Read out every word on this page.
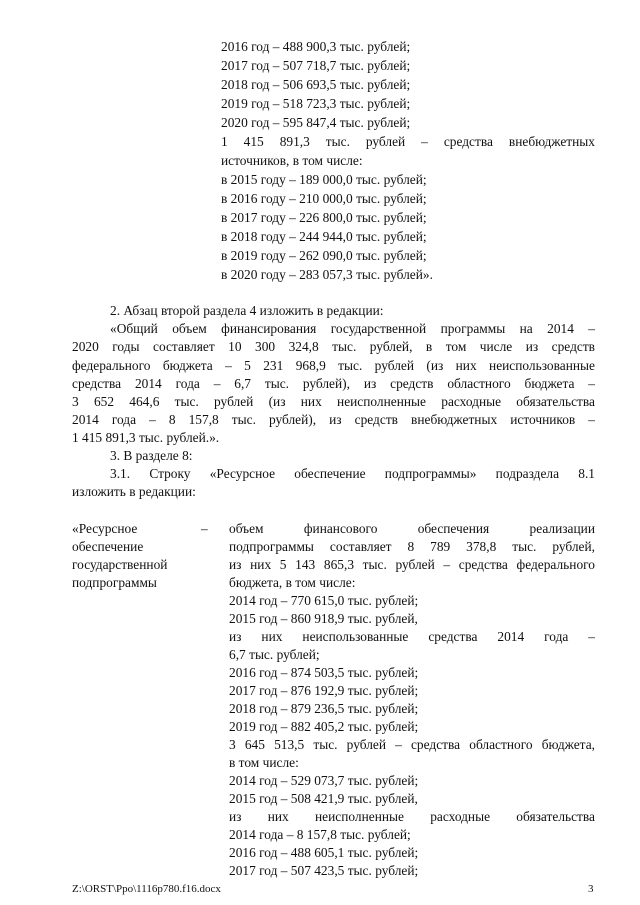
2016 год – 488 900,3 тыс. рублей;
2017 год – 507 718,7 тыс. рублей;
2018 год – 506 693,5 тыс. рублей;
2019 год – 518 723,3 тыс. рублей;
2020 год – 595 847,4 тыс. рублей;
1 415 891,3 тыс. рублей – средства внебюджетных
источников, в том числе:
в 2015 году – 189 000,0 тыс. рублей;
в 2016 году – 210 000,0 тыс. рублей;
в 2017 году – 226 800,0 тыс. рублей;
в 2018 году – 244 944,0 тыс. рублей;
в 2019 году – 262 090,0 тыс. рублей;
в 2020 году – 283 057,3 тыс. рублей».
2. Абзац второй раздела 4 изложить в редакции:
«Общий объем финансирования государственной программы на 2014 –
2020 годы составляет 10 300 324,8 тыс. рублей, в том числе из средств
федерального бюджета – 5 231 968,9 тыс. рублей (из них неиспользованные
средства 2014 года – 6,7 тыс. рублей), из средств областного бюджета –
3 652 464,6 тыс. рублей (из них неисполненные расходные обязательства
2014 года – 8 157,8 тыс. рублей), из средств внебюджетных источников –
1 415 891,3 тыс. рублей.».
3. В разделе 8:
3.1. Строку «Ресурсное обеспечение подпрограммы» подраздела 8.1
изложить в редакции:
«Ресурсное	–
обеспечение
государственной
подпрограммы
объем финансового обеспечения реализации
подпрограммы составляет 8 789 378,8 тыс. рублей,
из них 5 143 865,3 тыс. рублей – средства федерального
бюджета, в том числе:
2014 год – 770 615,0 тыс. рублей;
2015 год – 860 918,9 тыс. рублей,
из них неиспользованные средства 2014 года –
6,7 тыс. рублей;
2016 год – 874 503,5 тыс. рублей;
2017 год – 876 192,9 тыс. рублей;
2018 год – 879 236,5 тыс. рублей;
2019 год – 882 405,2 тыс. рублей;
3 645 513,5 тыс. рублей – средства областного бюджета,
в том числе:
2014 год – 529 073,7 тыс. рублей;
2015 год – 508 421,9 тыс. рублей,
из них неисполненные расходные обязательства
2014 года – 8 157,8 тыс. рублей;
2016 год – 488 605,1 тыс. рублей;
2017 год – 507 423,5 тыс. рублей;
Z:\ORST\Ppo\1116p780.f16.docx	3
